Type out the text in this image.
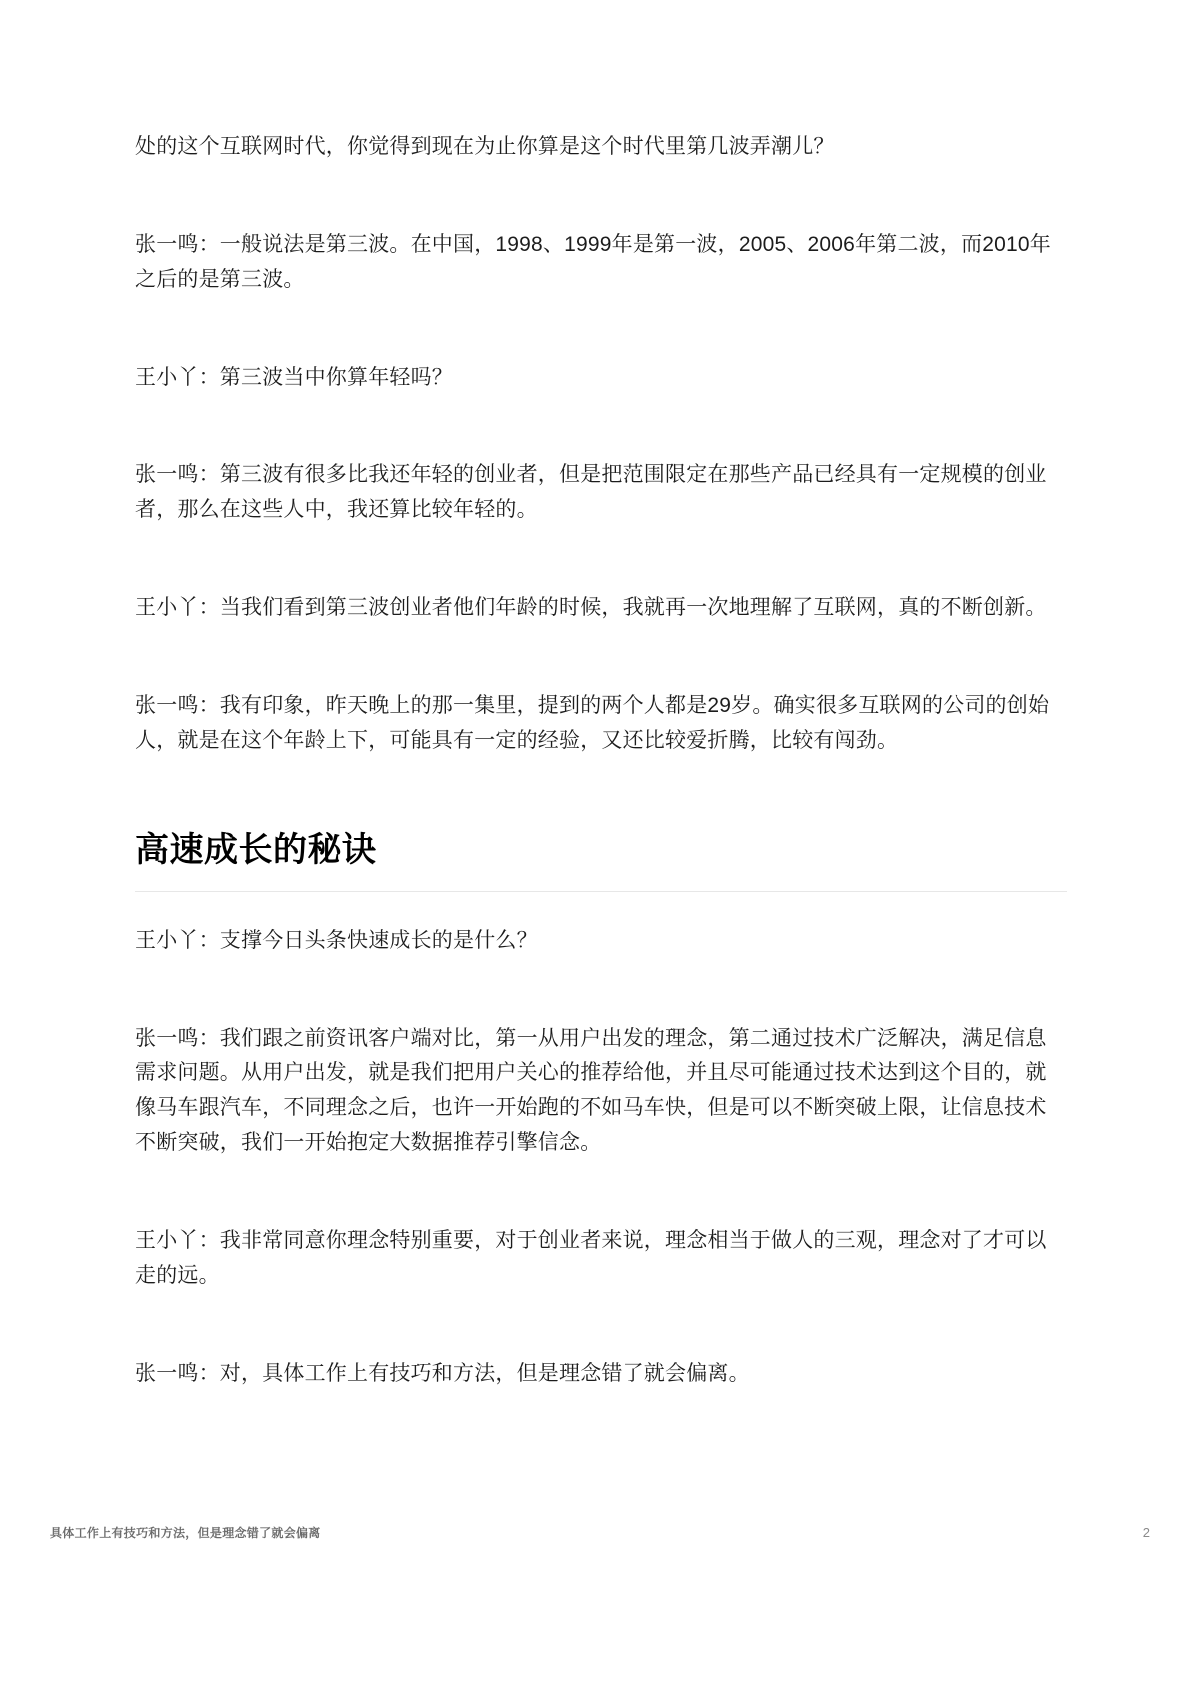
处的这个互联网时代，你觉得到现在为止你算是这个时代里第几波弄潮儿？

张一鸣：一般说法是第三波。在中国，1998、1999年是第一波，2005、2006年第二波，而2010年之后的是第三波。

王小丫：第三波当中你算年轻吗？

张一鸣：第三波有很多比我还年轻的创业者，但是把范围限定在那些产品已经具有一定规模的创业者，那么在这些人中，我还算比较年轻的。

王小丫：当我们看到第三波创业者他们年龄的时候，我就再一次地理解了互联网，真的不断创新。

张一鸣：我有印象，昨天晚上的那一集里，提到的两个人都是29岁。确实很多互联网的公司的创始人，就是在这个年龄上下，可能具有一定的经验，又还比较爱折腾，比较有闯劲。

高速成长的秘诀

王小丫：支撑今日头条快速成长的是什么？

张一鸣：我们跟之前资讯客户端对比，第一从用户出发的理念，第二通过技术广泛解决，满足信息需求问题。从用户出发，就是我们把用户关心的推荐给他，并且尽可能通过技术达到这个目的，就像马车跟汽车，不同理念之后，也许一开始跑的不如马车快，但是可以不断突破上限，让信息技术不断突破，我们一开始抱定大数据推荐引擎信念。

王小丫：我非常同意你理念特别重要，对于创业者来说，理念相当于做人的三观，理念对了才可以走的远。

张一鸣：对，具体工作上有技巧和方法，但是理念错了就会偏离。

具体工作上有技巧和方法，但是理念错了就会偏离	2
